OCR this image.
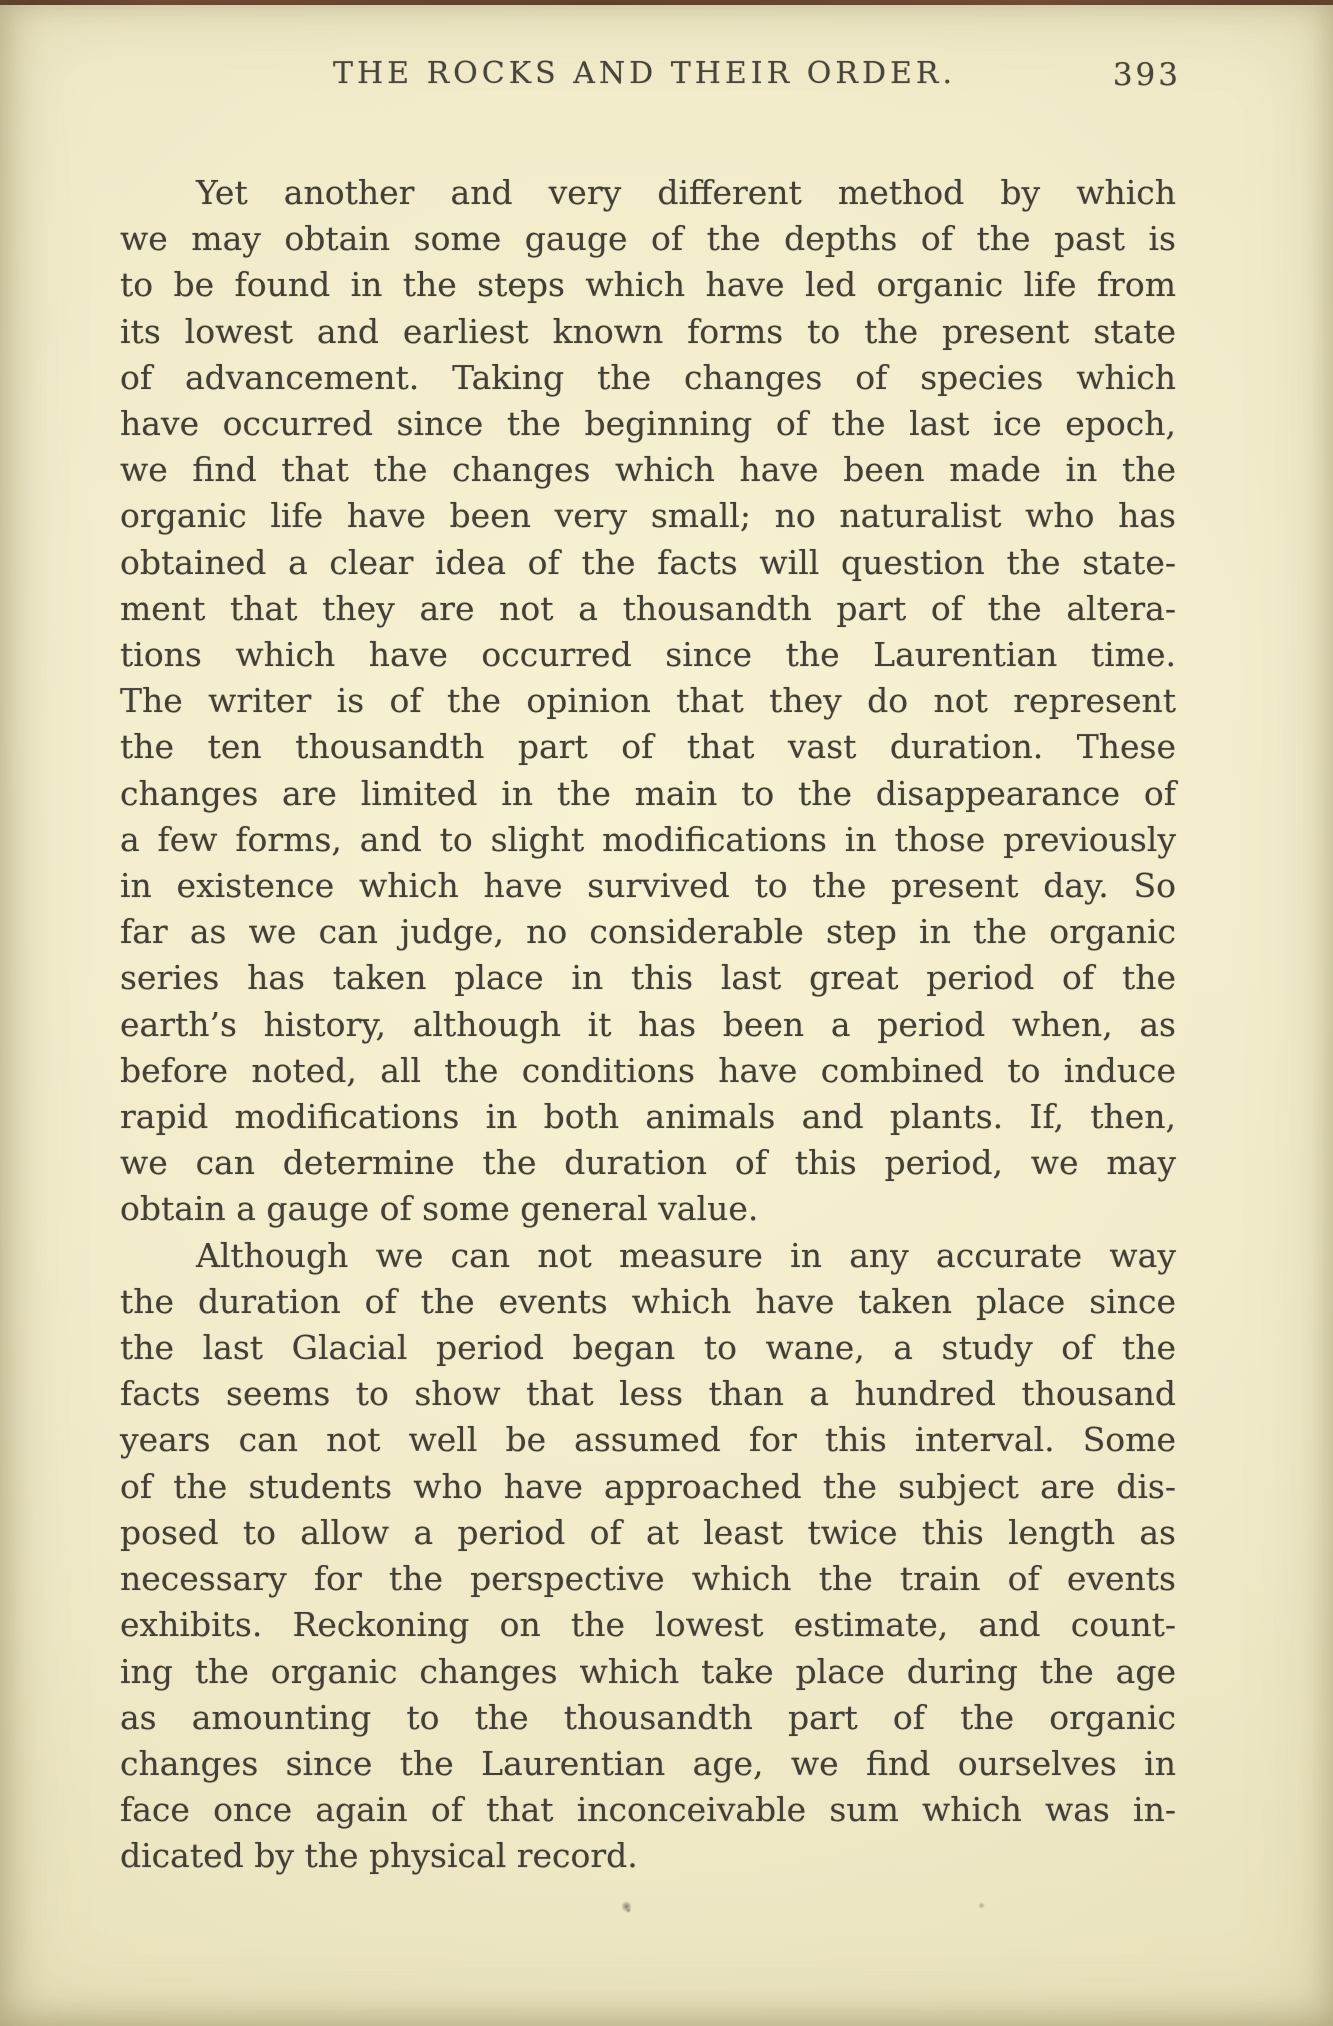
THE ROCKS AND THEIR ORDER.	393
Yet another and very different method by which
we may obtain some gauge of the depths of the past is
to be found in the steps which have led organic life from
its lowest and earliest known forms to the present state
of advancement. Taking the changes of species which
have occurred since the beginning of the last ice epoch,
we find that the changes which have been made in the
organic life have been very small; no naturalist who has
obtained a clear idea of the facts will question the state-
ment that they are not a thousandth part of the altera-
tions which have occurred since the Laurentian time.
The writer is of the opinion that they do not represent
the ten thousandth part of that vast duration. These
changes are limited in the main to the disappearance of
a few forms, and to slight modifications in those previously
in existence which have survived to the present day. So
far as we can judge, no considerable step in the organic
series has taken place in this last great period of the
earth’s history, although it has been a period when, as
before noted, all the conditions have combined to induce
rapid modifications in both animals and plants. If, then,
we can determine the duration of this period, we may
obtain a gauge of some general value.
Although we can not measure in any accurate way
the duration of the events which have taken place since
the last Glacial period began to wane, a study of the
facts seems to show that less than a hundred thousand
years can not well be assumed for this interval. Some
of the students who have approached the subject are dis-
posed to allow a period of at least twice this length as
necessary for the perspective which the train of events
exhibits. Reckoning on the lowest estimate, and count-
ing the organic changes which take place during the age
as amounting to the thousandth part of the organic
changes since the Laurentian age, we find ourselves in
face once again of that inconceivable sum which was in-
dicated by the physical record.
